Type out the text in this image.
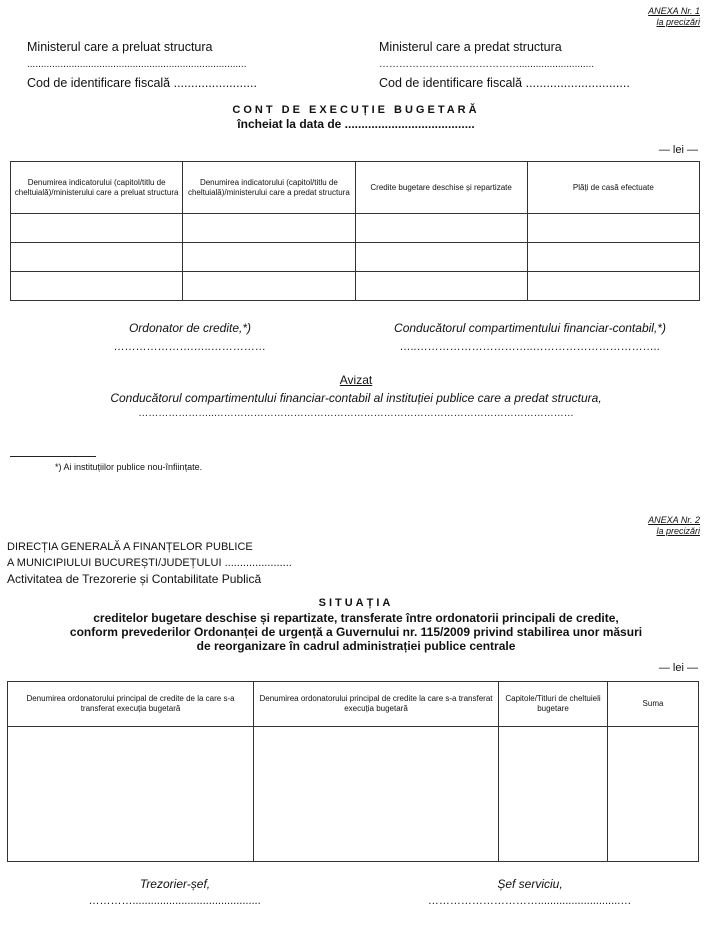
ANEXA Nr. 1
la precizări
Ministerul care a preluat structura
...............................................................................
Cod de identificare fiscală ........................
Ministerul care a predat structura
……………………………………...........................
Cod de identificare fiscală ..............................
CONT DE EXECUȚIE BUGETARĂ
încheiat la data de .......................................
— lei —
Denumirea indicatorului (capitol/titlu de cheltuială)/ministerului care a preluat structura	Denumirea indicatorului (capitol/titlu de cheltuială)/ministerului care a predat structura	Credite bugetare deschise și repartizate	Plăți de casă efectuate

Ordonator de credite,*)
………………….…..……………
Conducătorul compartimentului financiar-contabil,*)
…..…………………………..……………………………..
Avizat
Conducătorul compartimentului financiar-contabil al instituției publice care a predat structura,
…………………..………………………………………………………………………………………………
*) Ai instituțiilor publice nou-înființate.
ANEXA Nr. 2
la precizări
DIRECȚIA GENERALĂ A FINANȚELOR PUBLICE
A MUNICIPIULUI BUCUREȘTI/JUDEȚULUI ......................
Activitatea de Trezorerie și Contabilitate Publică
SITUAȚIA
creditelor bugetare deschise și repartizate, transferate între ordonatorii principali de credite,
conform prevederilor Ordonanței de urgență a Guvernului nr. 115/2009 privind stabilirea unor măsuri
de reorganizare în cadrul administrației publice centrale
— lei —
Denumirea ordonatorului principal de credite de la care s-a transferat execuția bugetară	Denumirea ordonatorului principal de credite la care s-a transferat execuția bugetară	Capitole/Titluri de cheltuieli bugetare	Suma

Trezorier-șef,
…………..........................................
Șef serviciu,
…………………………...........................…
